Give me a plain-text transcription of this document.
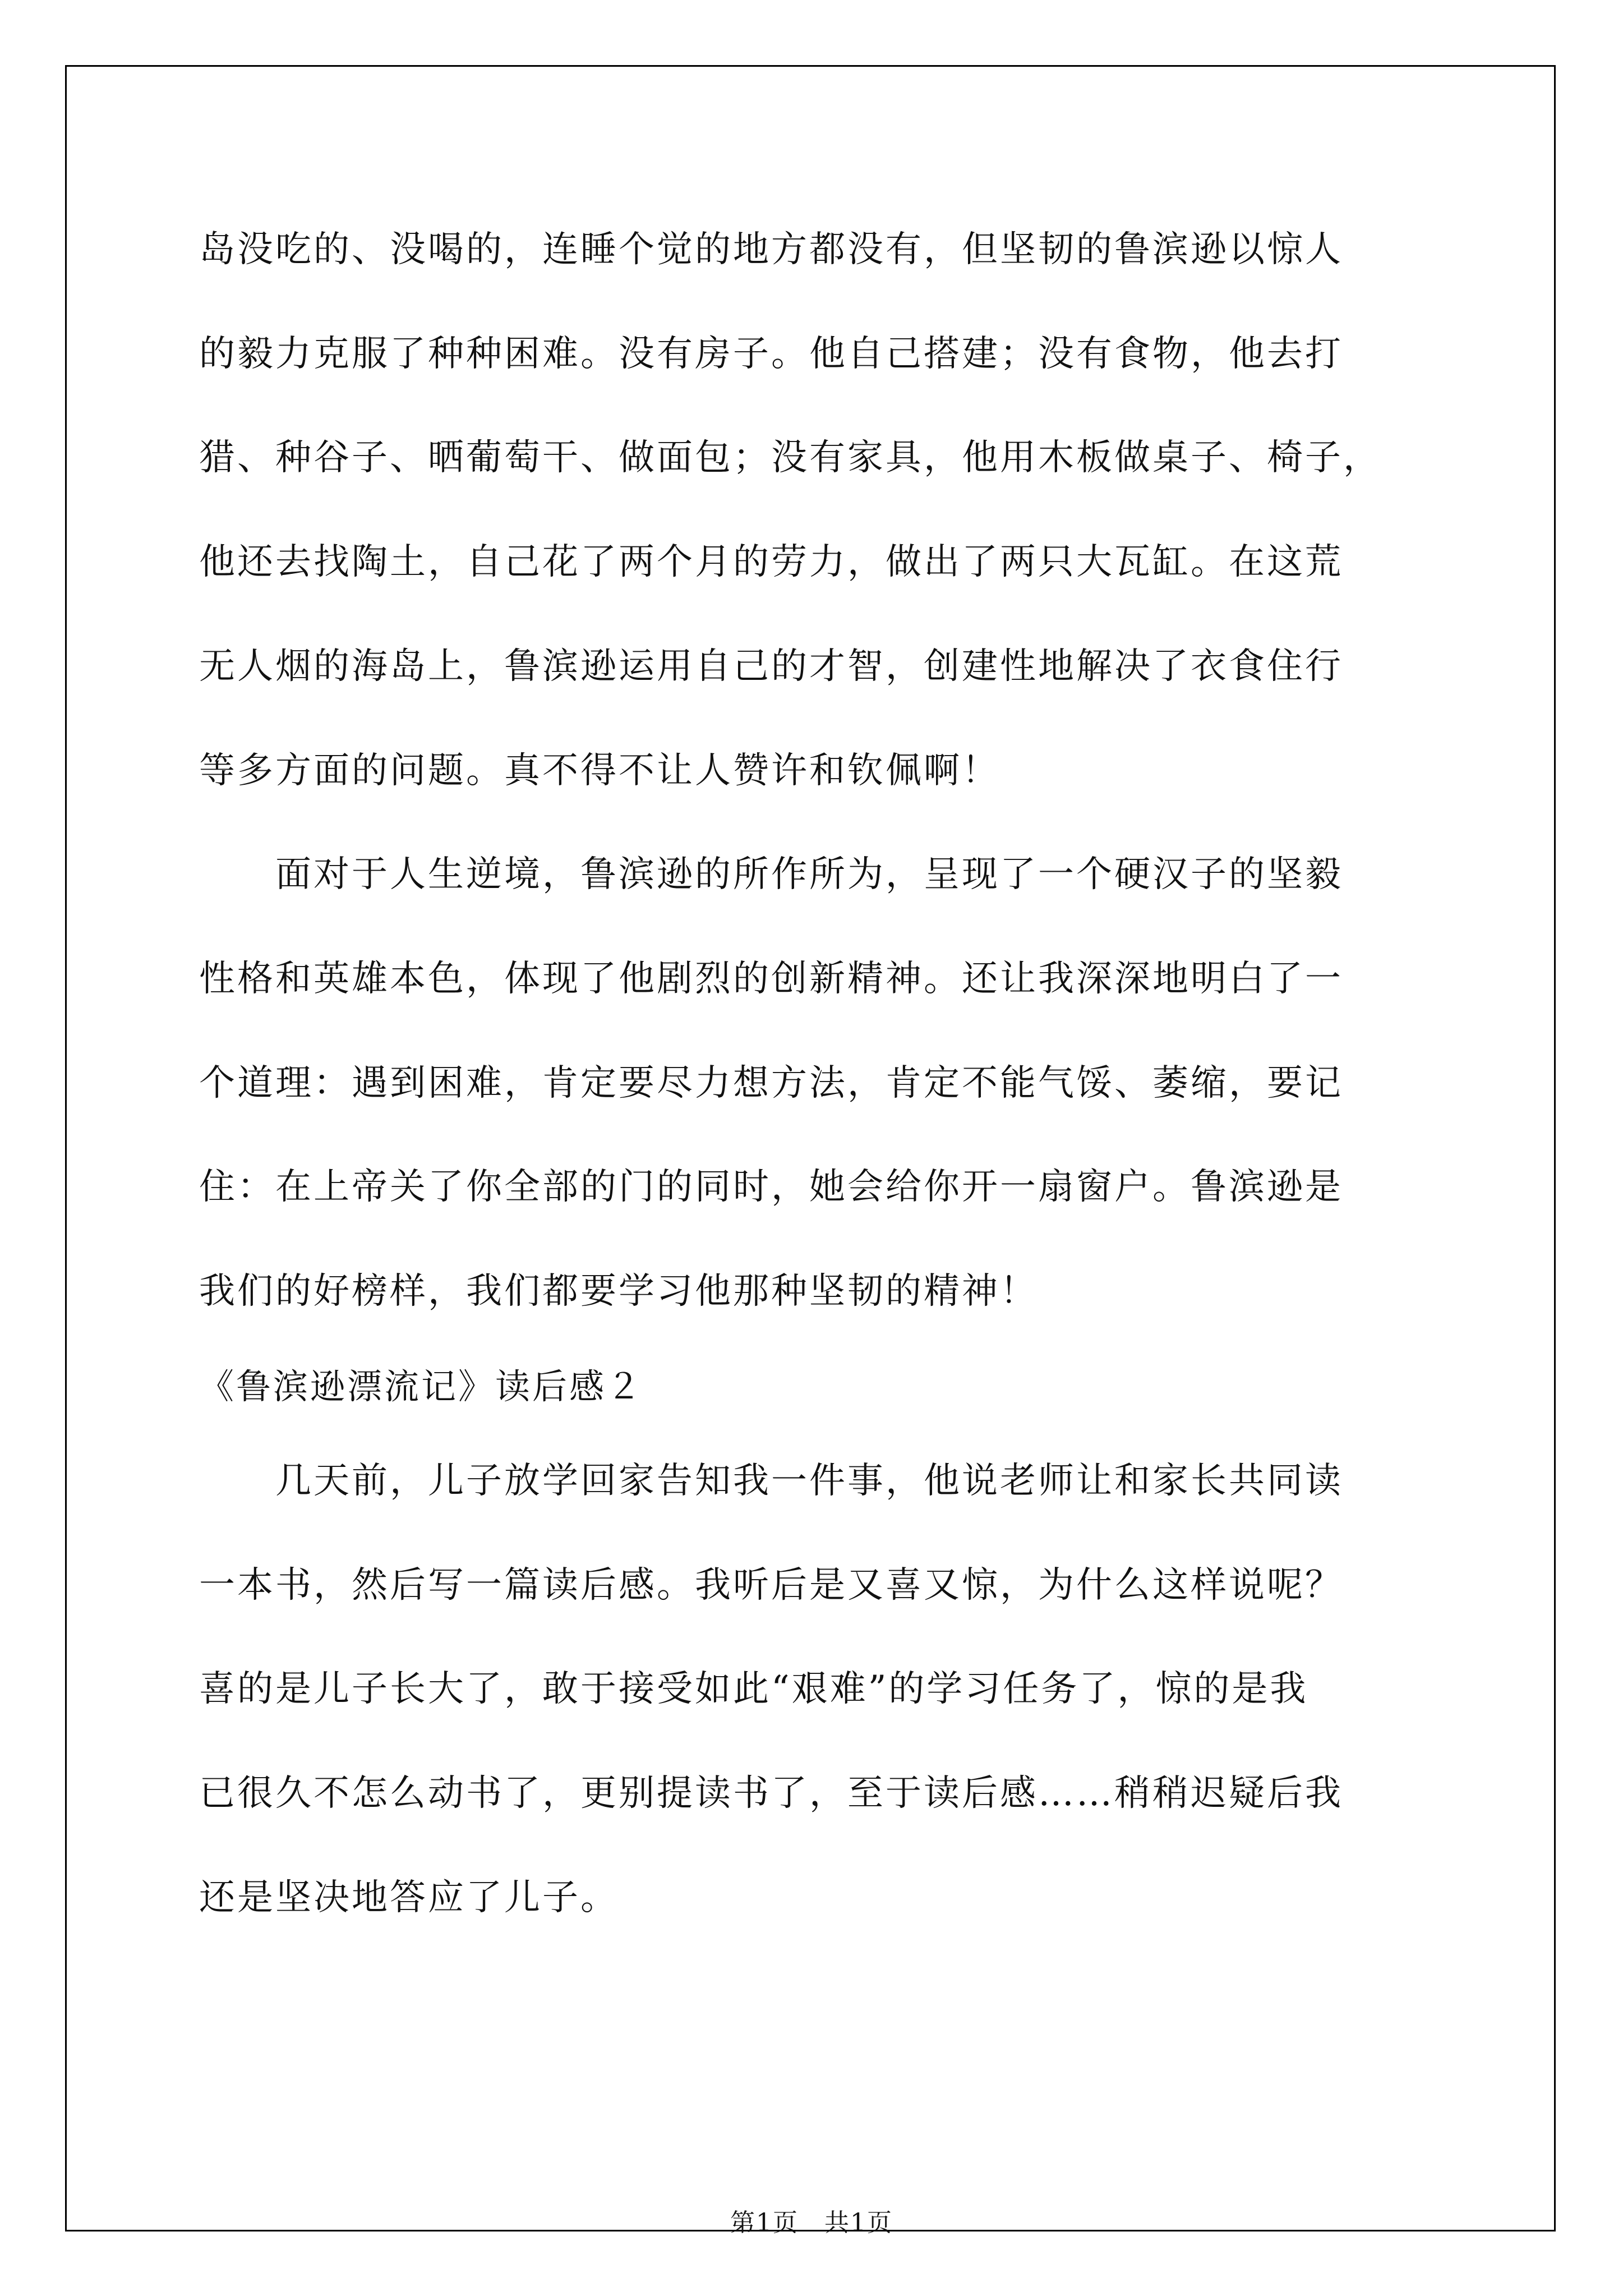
岛没吃的、没喝的，连睡个觉的地方都没有，但坚韧的鲁滨逊以惊人
的毅力克服了种种困难。没有房子。他自己搭建；没有食物，他去打
猎、种谷子、晒葡萄干、做面包；没有家具，他用木板做桌子、椅子，
他还去找陶土，自己花了两个月的劳力，做出了两只大瓦缸。在这荒
无人烟的海岛上，鲁滨逊运用自己的才智，创建性地解决了衣食住行
等多方面的问题。真不得不让人赞许和钦佩啊！
　　面对于人生逆境，鲁滨逊的所作所为，呈现了一个硬汉子的坚毅
性格和英雄本色，体现了他剧烈的创新精神。还让我深深地明白了一
个道理：遇到困难，肯定要尽力想方法，肯定不能气馁、萎缩，要记
住：在上帝关了你全部的门的同时，她会给你开一扇窗户。鲁滨逊是
我们的好榜样，我们都要学习他那种坚韧的精神！
《鲁滨逊漂流记》读后感２
　　几天前，儿子放学回家告知我一件事，他说老师让和家长共同读
一本书，然后写一篇读后感。我听后是又喜又惊，为什么这样说呢？
喜的是儿子长大了，敢于接受如此“艰难”的学习任务了，惊的是我
已很久不怎么动书了，更别提读书了，至于读后感……稍稍迟疑后我
还是坚决地答应了儿子。
第1页　共1页
